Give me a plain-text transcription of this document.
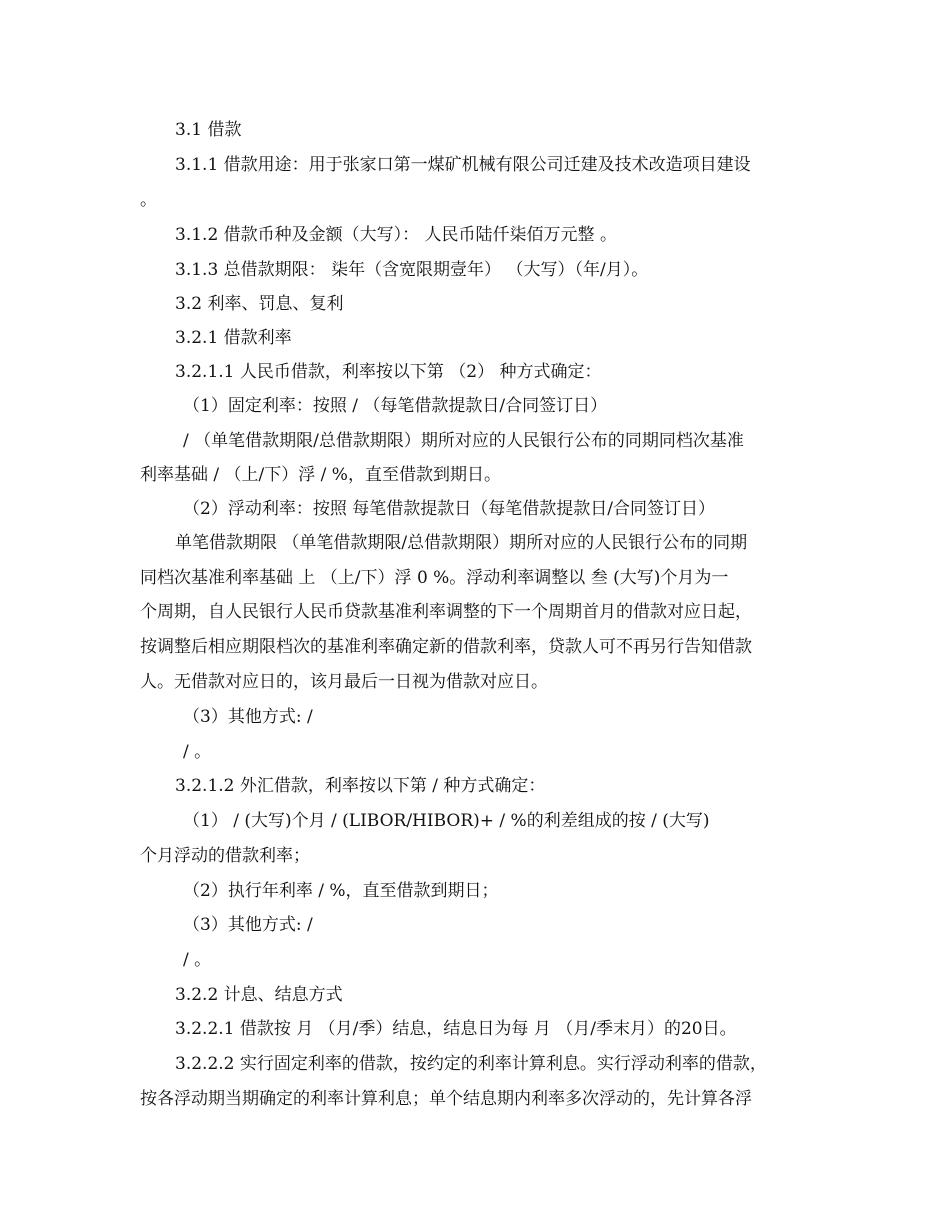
3.1 借款
3.1.1 借款用途：用于张家口第一煤矿机械有限公司迁建及技术改造项目建设
。
3.1.2 借款币种及金额（大写）： 人民币陆仟柒佰万元整 。
3.1.3 总借款期限： 柒年（含宽限期壹年） （大写）（年/月）。
3.2 利率、罚息、复利
3.2.1 借款利率
3.2.1.1 人民币借款，利率按以下第 （2） 种方式确定：
（1）固定利率：按照 / （每笔借款提款日/合同签订日）
/ （单笔借款期限/总借款期限）期所对应的人民银行公布的同期同档次基准
利率基础 / （上/下）浮 / %，直至借款到期日。
（2）浮动利率：按照 每笔借款提款日（每笔借款提款日/合同签订日）
单笔借款期限 （单笔借款期限/总借款期限）期所对应的人民银行公布的同期
同档次基准利率基础 上 （上/下）浮 0 %。浮动利率调整以 叁 (大写)个月为一
个周期，自人民银行人民币贷款基准利率调整的下一个周期首月的借款对应日起，
按调整后相应期限档次的基准利率确定新的借款利率，贷款人可不再另行告知借款
人。无借款对应日的，该月最后一日视为借款对应日。
（3）其他方式: /
/ 。
3.2.1.2 外汇借款，利率按以下第 / 种方式确定：
（1） / (大写)个月 / (LIBOR/HIBOR)+ / %的利差组成的按 / (大写)
个月浮动的借款利率；
（2）执行年利率 / %，直至借款到期日；
（3）其他方式: /
/ 。
3.2.2 计息、结息方式
3.2.2.1 借款按 月 （月/季）结息，结息日为每 月 （月/季末月）的20日。
3.2.2.2 实行固定利率的借款，按约定的利率计算利息。实行浮动利率的借款，
按各浮动期当期确定的利率计算利息；单个结息期内利率多次浮动的，先计算各浮
